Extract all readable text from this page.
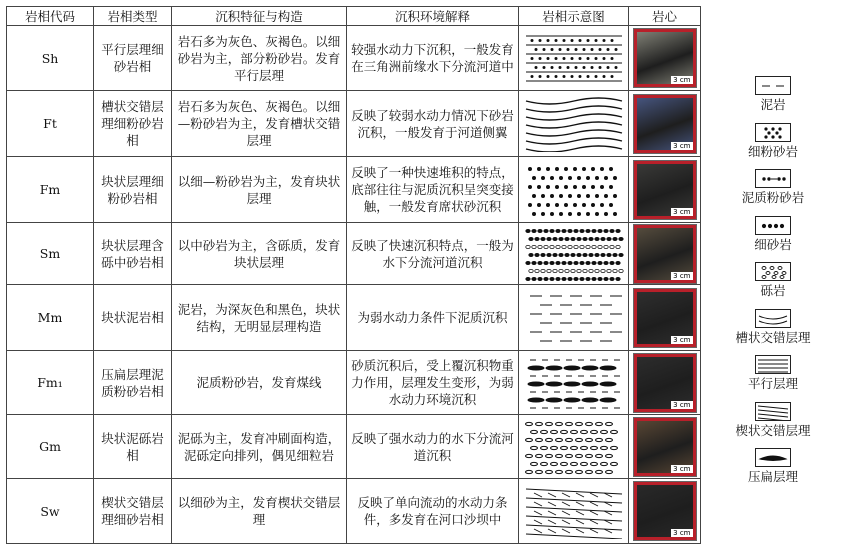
岩相代码	岩相类型	沉积特征与构造	沉积环境解释	岩相示意图	岩心

Sh	平行层理细砂岩相	岩石多为灰色、灰褐色。以细砂岩为主，部分粉砂岩。发育平行层理	较强水动力下沉积，一般发育在三角洲前缘水下分流河道中		3 cm

Ft	槽状交错层理细粉砂岩相	岩石多为灰色、灰褐色。以细—粉砂岩为主，发育槽状交错层理	反映了较弱水动力情况下砂岩沉积，一般发育于河道侧翼		3 cm

Fm	块状层理细粉砂岩相	以细—粉砂岩为主，发育块状层理	反映了一种快速堆积的特点，底部往往与泥质沉积呈突变接触，一般发育席状砂沉积		3 cm

Sm	块状层理含砾中砂岩相	以中砂岩为主，含砾质，发育块状层理	反映了快速沉积特点，一般为水下分流河道沉积		3 cm

Mm	块状泥岩相	泥岩，为深灰色和黑色，块状结构，无明显层理构造	为弱水动力条件下泥质沉积		3 cm

Fm₁	压扁层理泥质粉砂岩相	泥质粉砂岩，发育煤线	砂质沉积后，受上覆沉积物重力作用，层理发生变形，为弱水动力环境沉积		3 cm

Gm	块状泥砾岩相	泥砾为主，发育冲刷面构造，泥砾定向排列，偶见细粒岩	反映了强水动力的水下分流河道沉积		3 cm

Sw	楔状交错层理细砂岩相	以细砂为主，发育楔状交错层理	反映了单向流动的水动力条件，多发育在河口沙坝中		3 cm
泥岩
细粉砂岩
泥质粉砂岩
细砂岩
砾岩
槽状交错层理
平行层理
楔状交错层理
压扁层理
